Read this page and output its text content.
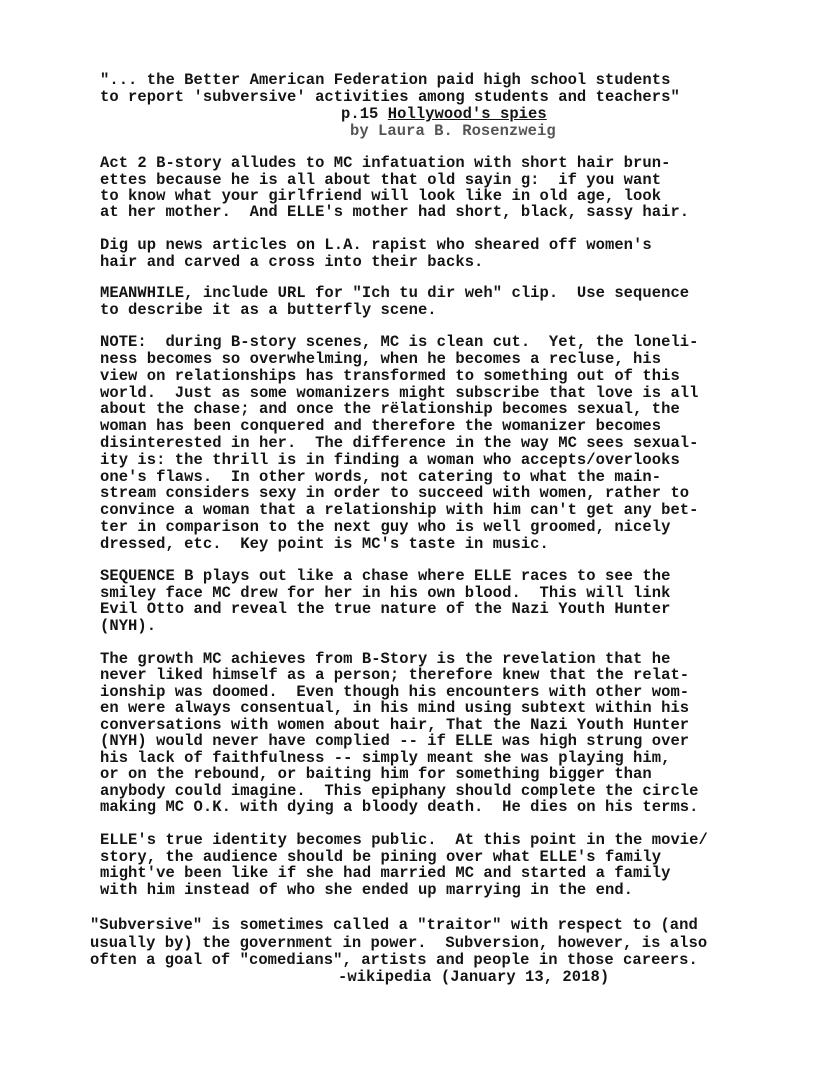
"... the Better American Federation paid high school students
to report 'subversive' activities among students and teachers"
p.15 Hollywood's spies
by Laura B. Rosenzweig
Act 2 B-story alludes to MC infatuation with short hair brun-
ettes because he is all about that old sayin g:  if you want
to know what your girlfriend will look like in old age, look
at her mother.  And ELLE's mother had short, black, sassy hair.
Dig up news articles on L.A. rapist who sheared off women's
hair and carved a cross into their backs.
MEANWHILE, include URL for "Ich tu dir weh" clip.  Use sequence
to describe it as a butterfly scene.
NOTE:  during B-story scenes, MC is clean cut.  Yet, the loneli-
ness becomes so overwhelming, when he becomes a recluse, his
view on relationships has transformed to something out of this
world.  Just as some womanizers might subscribe that love is all
about the chase; and once the rëlationship becomes sexual, the
woman has been conquered and therefore the womanizer becomes
disinterested in her.  The difference in the way MC sees sexual-
ity is: the thrill is in finding a woman who accepts/overlooks
one's flaws.  In other words, not catering to what the main-
stream considers sexy in order to succeed with women, rather to
convince a woman that a relationship with him can't get any bet-
ter in comparison to the next guy who is well groomed, nicely
dressed, etc.  Key point is MC's taste in music.
SEQUENCE B plays out like a chase where ELLE races to see the
smiley face MC drew for her in his own blood.  This will link
Evil Otto and reveal the true nature of the Nazi Youth Hunter
(NYH).
The growth MC achieves from B-Story is the revelation that he
never liked himself as a person; therefore knew that the relat-
ionship was doomed.  Even though his encounters with other wom-
en were always consentual, in his mind using subtext within his
conversations with women about hair, That the Nazi Youth Hunter
(NYH) would never have complied -- if ELLE was high strung over
his lack of faithfulness -- simply meant she was playing him,
or on the rebound, or baiting him for something bigger than
anybody could imagine.  This epiphany should complete the circle
making MC O.K. with dying a bloody death.  He dies on his terms.
ELLE's true identity becomes public.  At this point in the movie/
story, the audience should be pining over what ELLE's family
might've been like if she had married MC and started a family
with him instead of who she ended up marrying in the end.
"Subversive" is sometimes called a "traitor" with respect to (and
usually by) the government in power.  Subversion, however, is also
often a goal of "comedians", artists and people in those careers.
-wikipedia (January 13, 2018)
